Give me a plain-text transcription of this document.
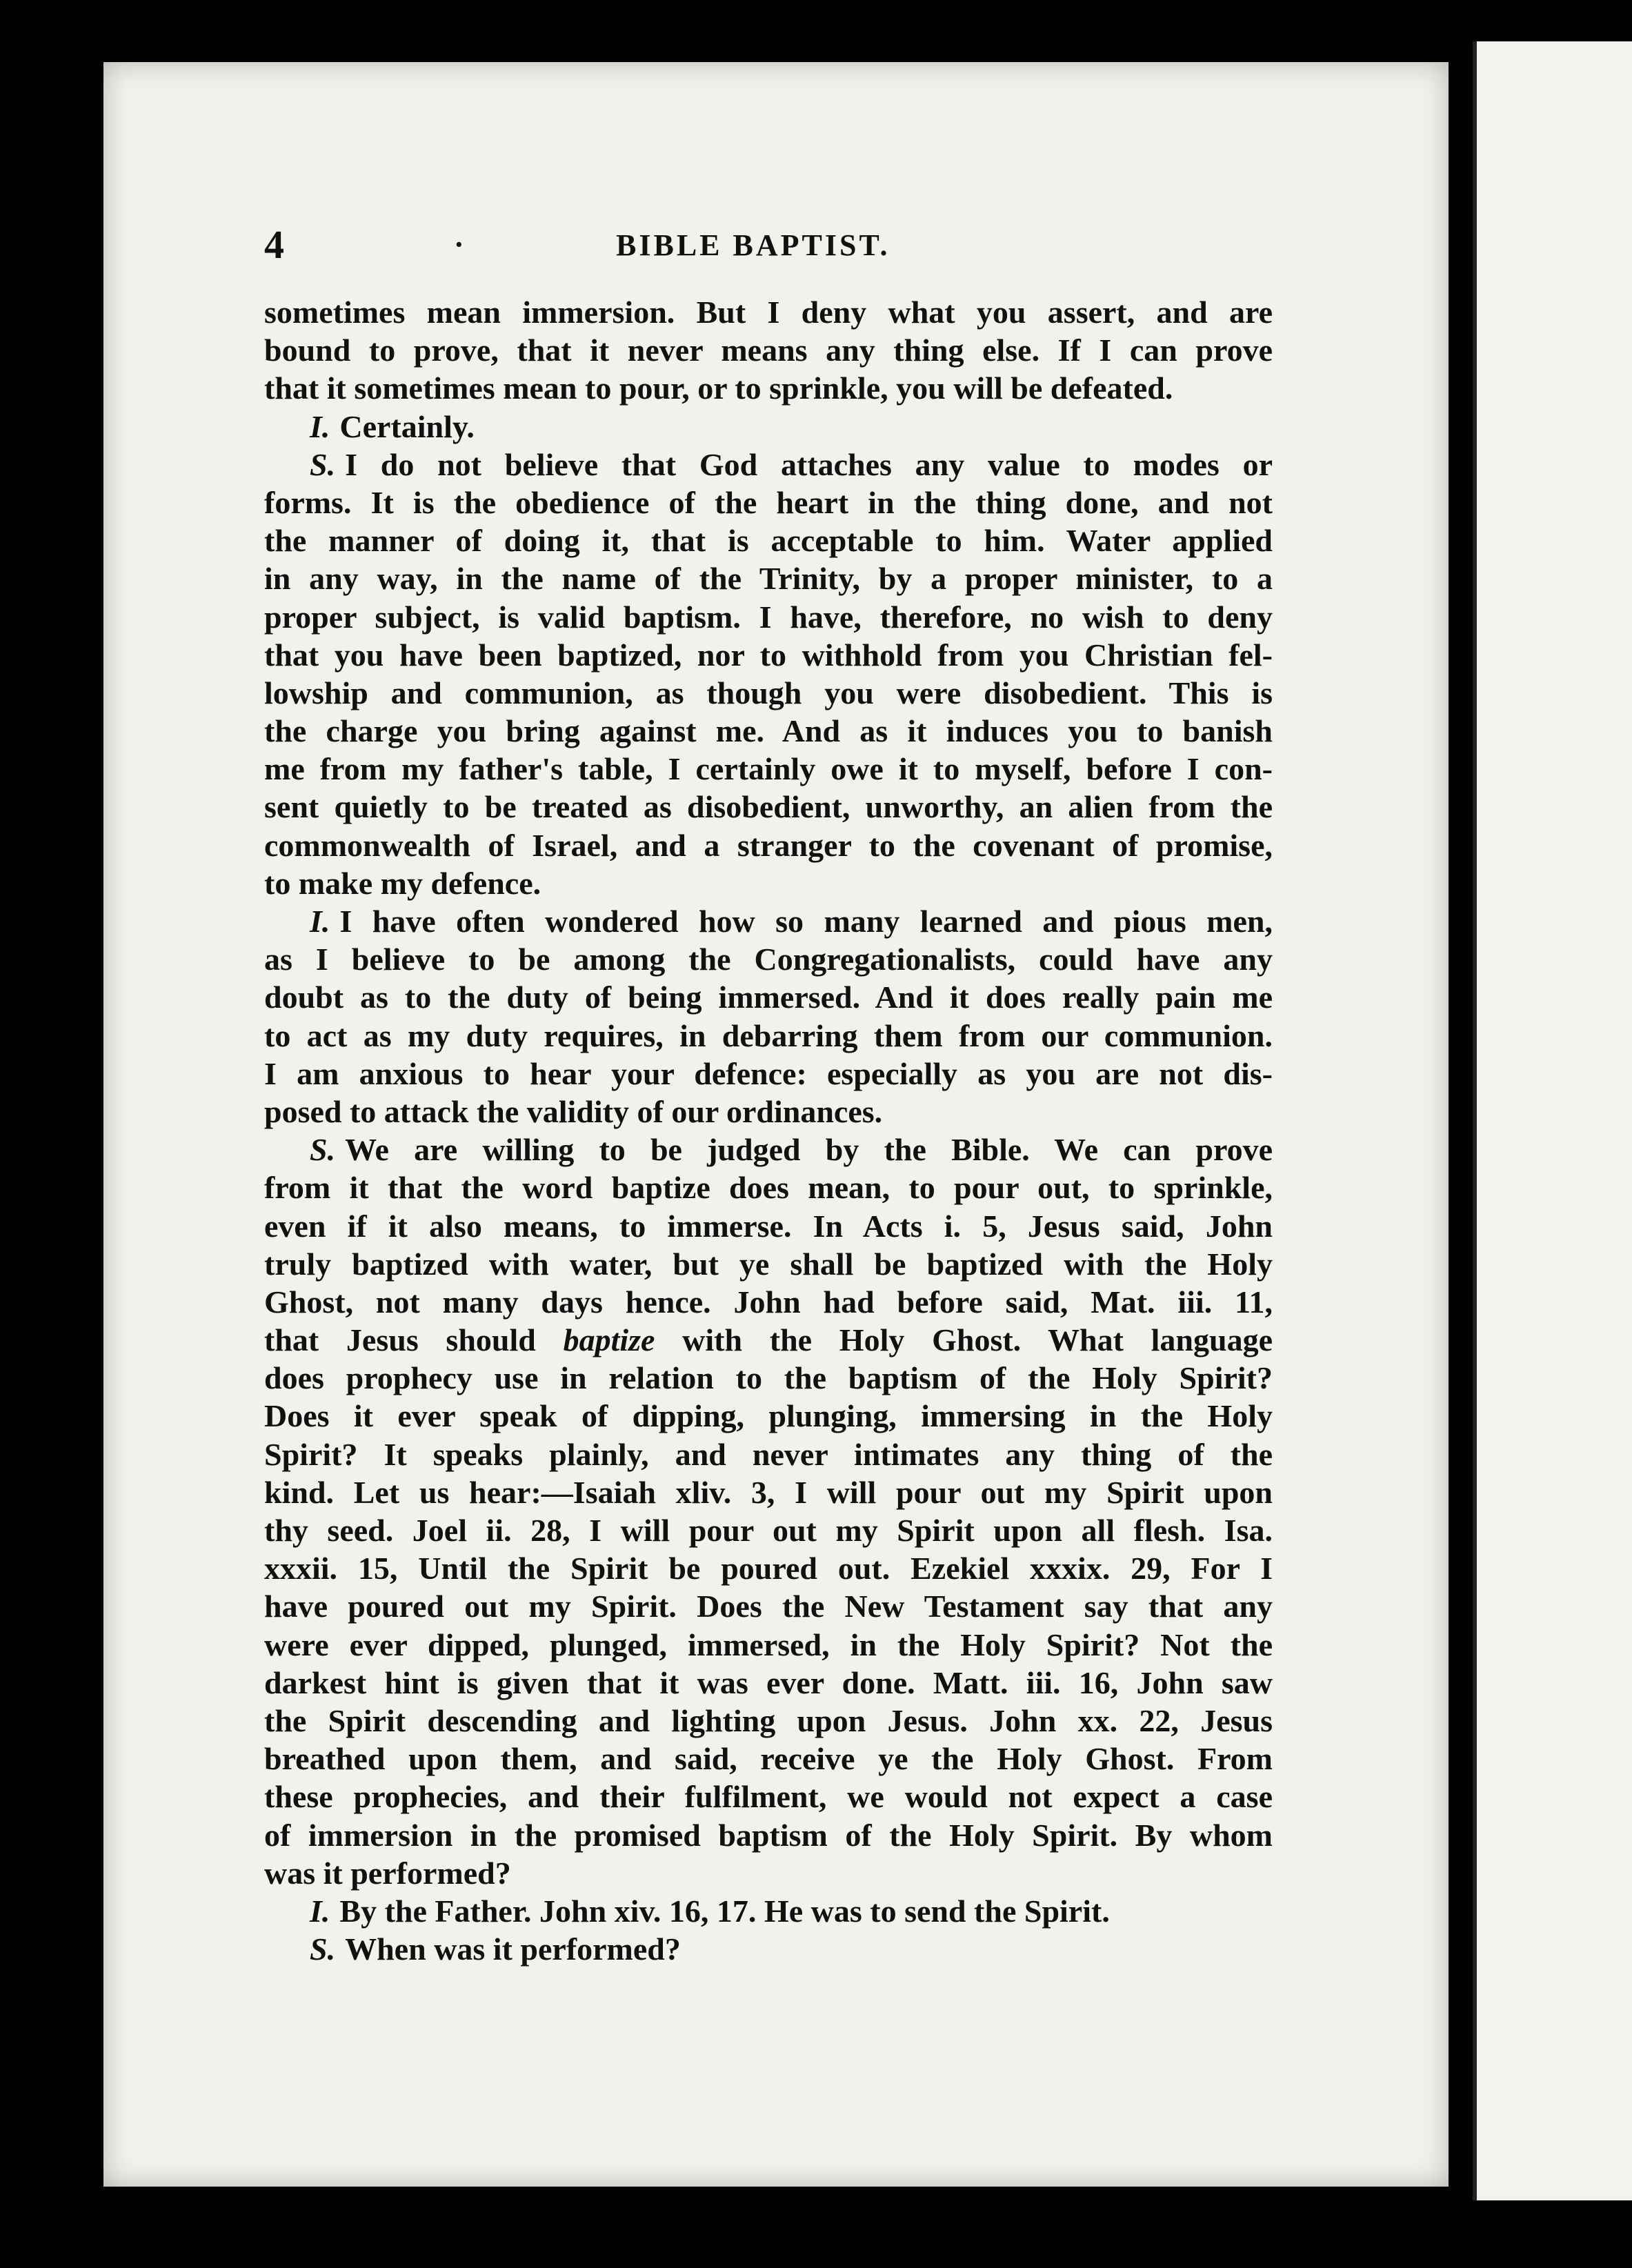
4	·	BIBLE BAPTIST.
sometimes mean immersion. But I deny what you assert, and are
bound to prove, that it never means any thing else. If I can prove
that it sometimes mean to pour, or to sprinkle, you will be defeated.
I. Certainly.
S. I do not believe that God attaches any value to modes or
forms. It is the obedience of the heart in the thing done, and not
the manner of doing it, that is acceptable to him. Water applied
in any way, in the name of the Trinity, by a proper minister, to a
proper subject, is valid baptism. I have, therefore, no wish to deny
that you have been baptized, nor to withhold from you Christian fel-
lowship and communion, as though you were disobedient. This is
the charge you bring against me. And as it induces you to banish
me from my father's table, I certainly owe it to myself, before I con-
sent quietly to be treated as disobedient, unworthy, an alien from the
commonwealth of Israel, and a stranger to the covenant of promise,
to make my defence.
I. I have often wondered how so many learned and pious men,
as I believe to be among the Congregationalists, could have any
doubt as to the duty of being immersed. And it does really pain me
to act as my duty requires, in debarring them from our communion.
I am anxious to hear your defence: especially as you are not dis-
posed to attack the validity of our ordinances.
S. We are willing to be judged by the Bible. We can prove
from it that the word baptize does mean, to pour out, to sprinkle,
even if it also means, to immerse. In Acts i. 5, Jesus said, John
truly baptized with water, but ye shall be baptized with the Holy
Ghost, not many days hence. John had before said, Mat. iii. 11,
that Jesus should baptize with the Holy Ghost. What language
does prophecy use in relation to the baptism of the Holy Spirit?
Does it ever speak of dipping, plunging, immersing in the Holy
Spirit? It speaks plainly, and never intimates any thing of the
kind. Let us hear:—Isaiah xliv. 3, I will pour out my Spirit upon
thy seed. Joel ii. 28, I will pour out my Spirit upon all flesh. Isa.
xxxii. 15, Until the Spirit be poured out. Ezekiel xxxix. 29, For I
have poured out my Spirit. Does the New Testament say that any
were ever dipped, plunged, immersed, in the Holy Spirit? Not the
darkest hint is given that it was ever done. Matt. iii. 16, John saw
the Spirit descending and lighting upon Jesus. John xx. 22, Jesus
breathed upon them, and said, receive ye the Holy Ghost. From
these prophecies, and their fulfilment, we would not expect a case
of immersion in the promised baptism of the Holy Spirit. By whom
was it performed?
I. By the Father. John xiv. 16, 17. He was to send the Spirit.
S. When was it performed?
